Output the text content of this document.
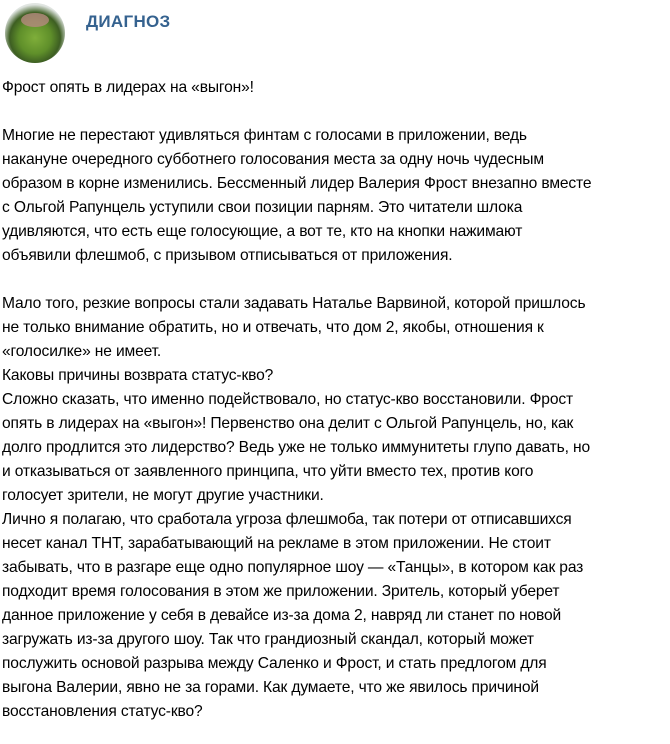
ДИАГНОЗ
Фрост опять в лидерах на «выгон»!
Многие не перестают удивляться финтам с голосами в приложении, ведь
накануне очередного субботнего голосования места за одну ночь чудесным
образом в корне изменились. Бессменный лидер Валерия Фрост внезапно вместе
с Ольгой Рапунцель уступили свои позиции парням. Это читатели шлока
удивляются, что есть еще голосующие, а вот те, кто на кнопки нажимают
объявили флешмоб, с призывом отписываться от приложения.
Мало того, резкие вопросы стали задавать Наталье Варвиной, которой пришлось
не только внимание обратить, но и отвечать, что дом 2, якобы, отношения к
«голосилке» не имеет.
Каковы причины возврата статус-кво?
Сложно сказать, что именно подействовало, но статус-кво восстановили. Фрост
опять в лидерах на «выгон»! Первенство она делит с Ольгой Рапунцель, но, как
долго продлится это лидерство? Ведь уже не только иммунитеты глупо давать, но
и отказываться от заявленного принципа, что уйти вместо тех, против кого
голосует зрители, не могут другие участники.
Лично я полагаю, что сработала угроза флешмоба, так потери от отписавшихся
несет канал ТНТ, зарабатывающий на рекламе в этом приложении. Не стоит
забывать, что в разгаре еще одно популярное шоу — «Танцы», в котором как раз
подходит время голосования в этом же приложении. Зритель, который уберет
данное приложение у себя в девайсе из-за дома 2, навряд ли станет по новой
загружать из-за другого шоу. Так что грандиозный скандал, который может
послужить основой разрыва между Саленко и Фрост, и стать предлогом для
выгона Валерии, явно не за горами. Как думаете, что же явилось причиной
восстановления статус-кво?
